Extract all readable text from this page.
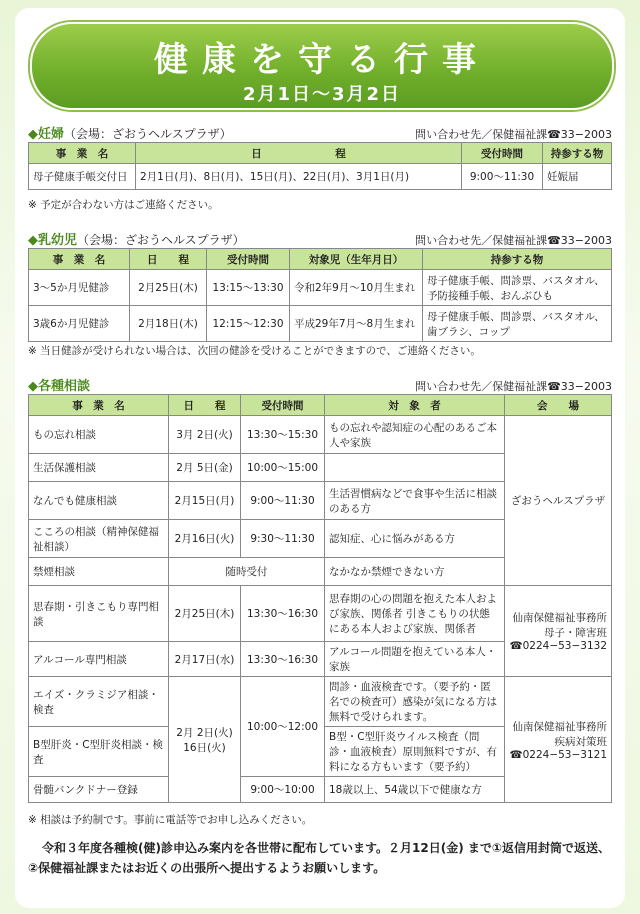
健康を守る行事
2月1日〜3月2日
◆妊婦（会場：ざおうヘルスプラザ）	問い合わせ先／保健福祉課☎33−2003
事　業　名	日　　　　　　　程	受付時間	持参する物
母子健康手帳交付日	2月1日(月)、8日(月)、15日(月)、22日(月)、3月1日(月)	9:00〜11:30	妊娠届
※ 予定が合わない方はご連絡ください。
◆乳幼児（会場：ざおうヘルスプラザ）	問い合わせ先／保健福祉課☎33−2003
事　業　名	日　　程	受付時間	対象児（生年月日）	持参する物
3〜5か月児健診	2月25日(木)	13:15〜13:30	令和2年9月〜10月生まれ	母子健康手帳、問診票、バスタオル、予防接種手帳、おんぶひも
3歳6か月児健診	2月18日(木)	12:15〜12:30	平成29年7月〜8月生まれ	母子健康手帳、問診票、バスタオル、歯ブラシ、コップ
※ 当日健診が受けられない場合は、次回の健診を受けることができますので、ご連絡ください。
◆各種相談	問い合わせ先／保健福祉課☎33−2003
事　業　名	日　　程	受付時間	対　象　者	会　　場
もの忘れ相談	3月 2日(火)	13:30〜15:30	もの忘れや認知症の心配のあるご本人や家族	ざおうヘルスプラザ
生活保護相談	2月 5日(金)	10:00〜15:00		
なんでも健康相談	2月15日(月)	9:00〜11:30	生活習慣病などで食事や生活に相談のある方	
こころの相談（精神保健福祉相談）	2月16日(火)	9:30〜11:30	認知症、心に悩みがある方	
禁煙相談	随時受付		なかなか禁煙できない方	
思春期・引きこもり専門相談	2月25日(木)	13:30〜16:30	思春期の心の問題を抱えた本人および家族、関係者 引きこもりの状態にある本人および家族、関係者	仙南保健福祉事務所
母子・障害班
☎0224−53−3132

アルコール専門相談	2月17日(水)	13:30〜16:30	アルコール問題を抱えている本人・家族	
エイズ・クラミジア相談・検査	2月 2日(火) 16日(火)	10:00〜12:00	問診・血液検査です。（要予約・匿名での検査可）感染が気になる方は無料で受けられます。	仙南保健福祉事務所
疾病対策班
☎0224−53−3121

B型肝炎・C型肝炎相談・検査			B型・C型肝炎ウイルス検査（問診・血液検査）原則無料ですが、有料になる方もいます（要予約）	
骨髄バンクドナー登録		9:00〜10:00	18歳以上、54歳以下で健康な方	
※ 相談は予約制です。事前に電話等でお申し込みください。
令和３年度各種検(健)診申込み案内を各世帯に配布しています。２月12日(金) まで①返信用封筒で返送、②保健福祉課またはお近くの出張所へ提出するようお願いします。
